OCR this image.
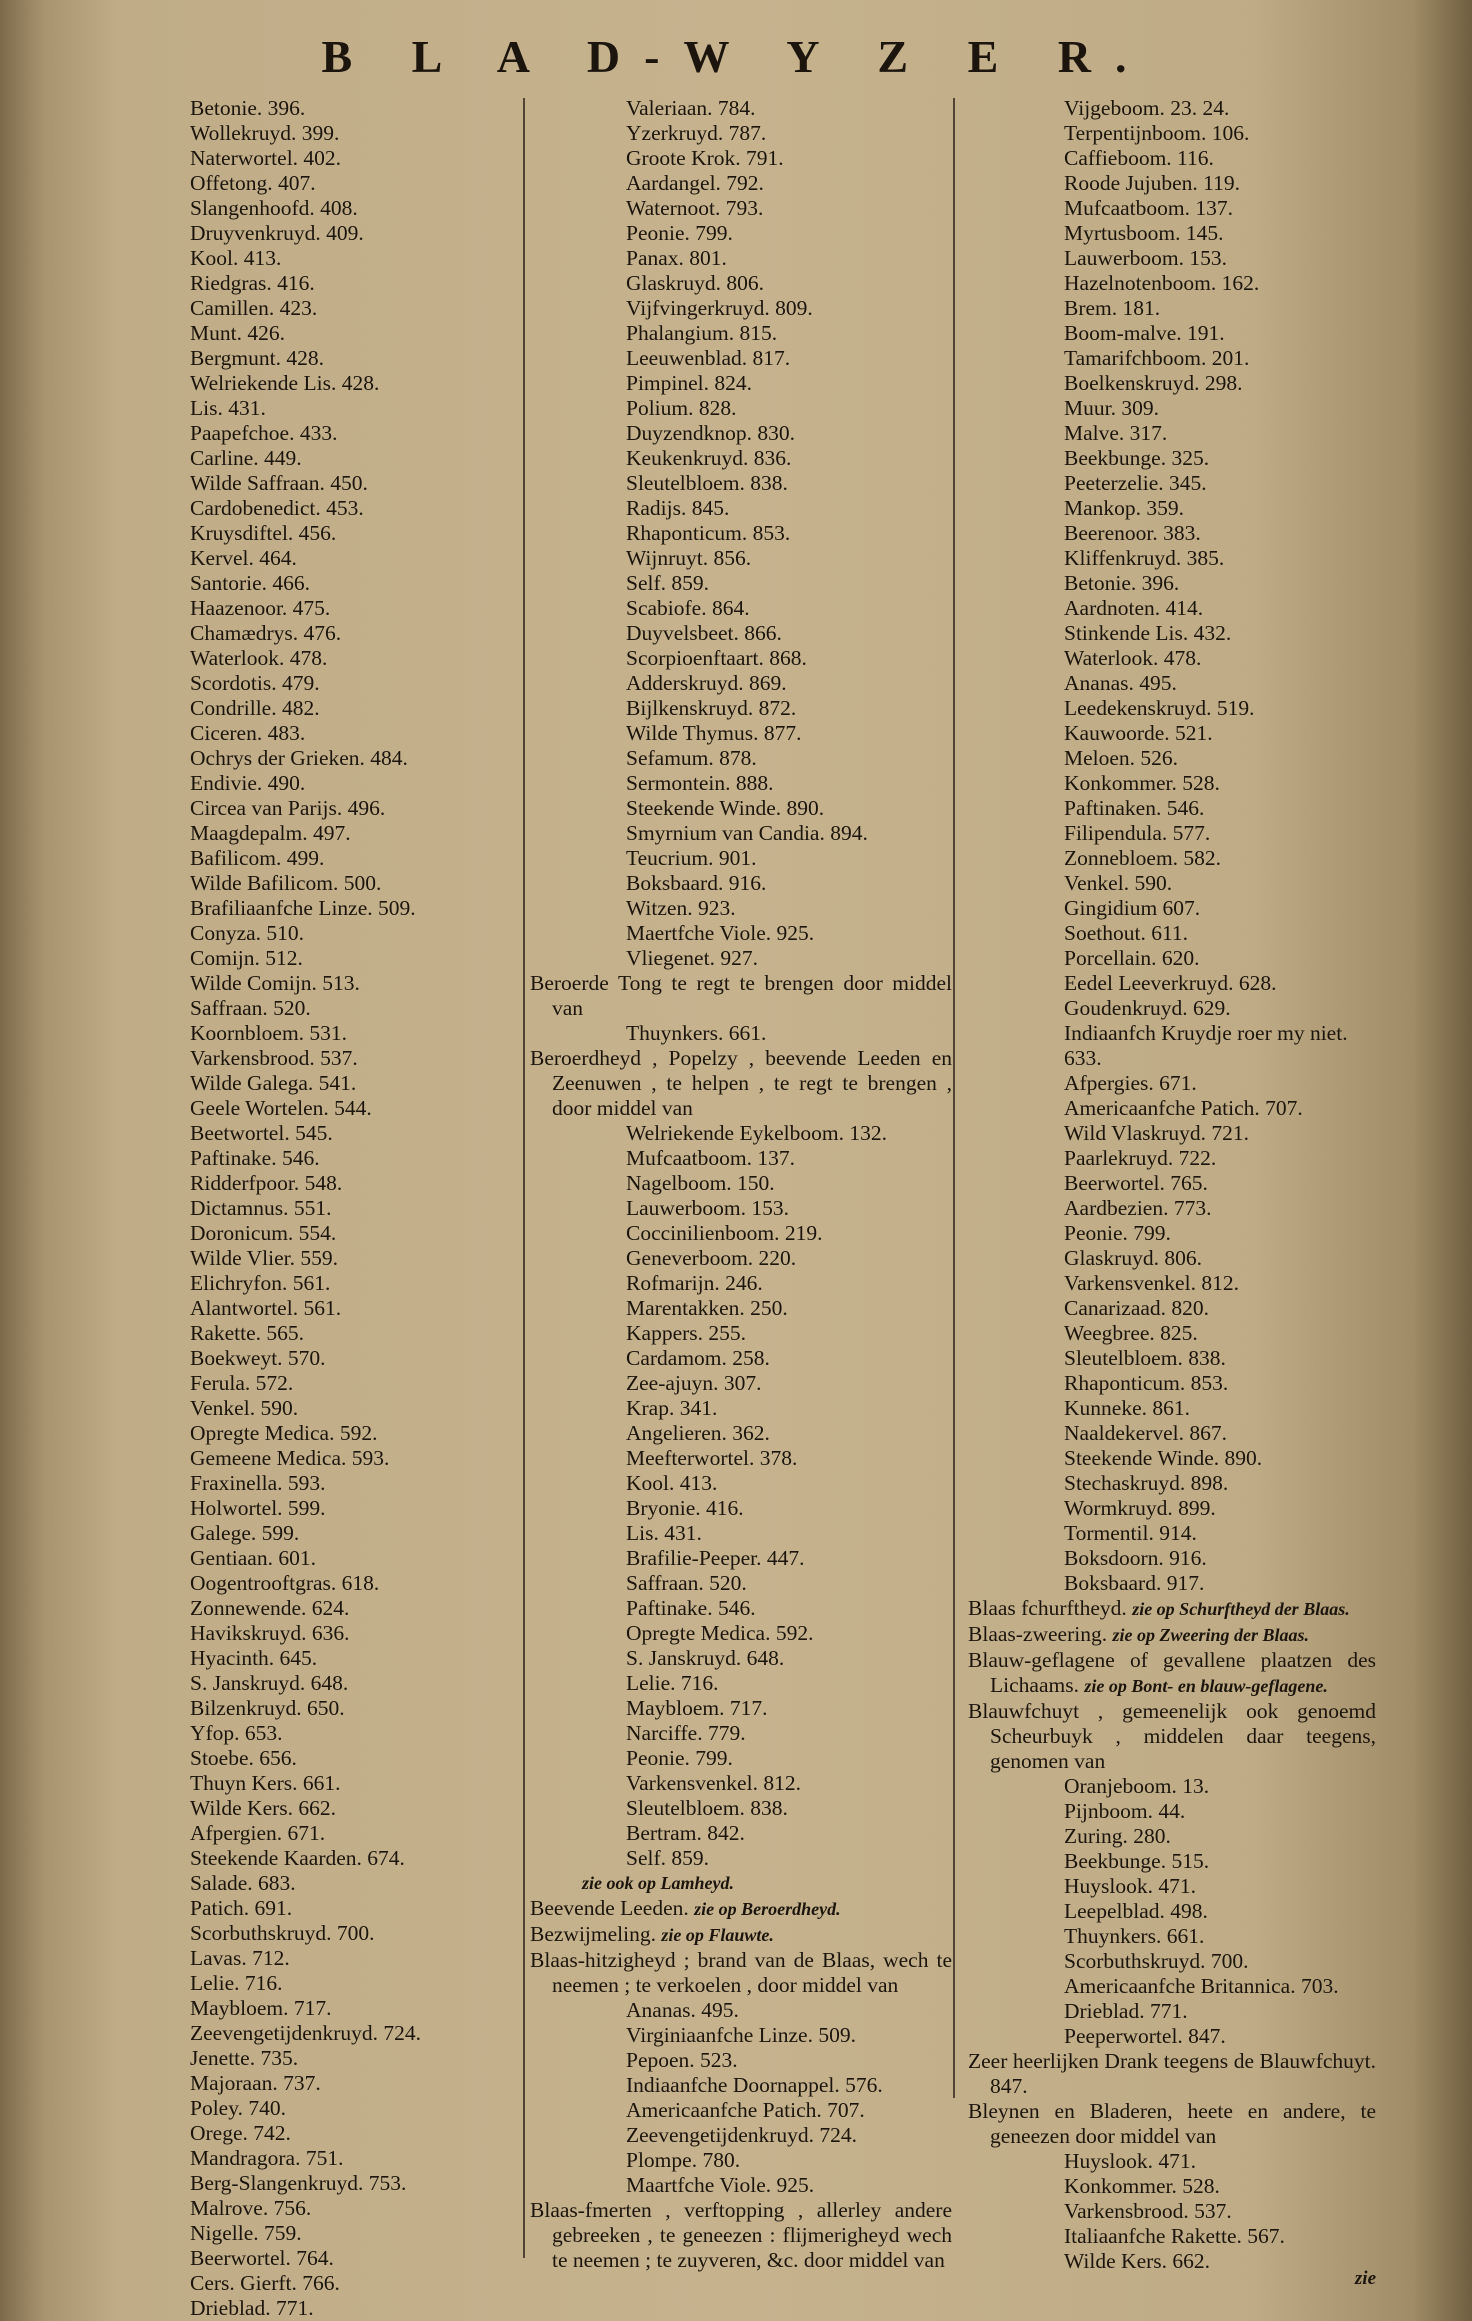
B L A D-W Y Z E R.
Betonie. 396.
Wollekruyd. 399.
Naterwortel. 402.
Offetong. 407.
Slangenhoofd. 408.
Druyvenkruyd. 409.
Kool. 413.
Riedgras. 416.
Camillen. 423.
Munt. 426.
Bergmunt. 428.
Welriekende Lis. 428.
Lis. 431.
Paapefchoe. 433.
Carline. 449.
Wilde Saffraan. 450.
Cardobenedict. 453.
Kruysdiftel. 456.
Kervel. 464.
Santorie. 466.
Haazenoor. 475.
Chamædrys. 476.
Waterlook. 478.
Scordotis. 479.
Condrille. 482.
Ciceren. 483.
Ochrys der Grieken. 484.
Endivie. 490.
Circea van Parijs. 496.
Maagdepalm. 497.
Bafilicom. 499.
Wilde Bafilicom. 500.
Brafiliaanfche Linze. 509.
Conyza. 510.
Comijn. 512.
Wilde Comijn. 513.
Saffraan. 520.
Koornbloem. 531.
Varkensbrood. 537.
Wilde Galega. 541.
Geele Wortelen. 544.
Beetwortel. 545.
Paftinake. 546.
Ridderfpoor. 548.
Dictamnus. 551.
Doronicum. 554.
Wilde Vlier. 559.
Elichryfon. 561.
Alantwortel. 561.
Rakette. 565.
Boekweyt. 570.
Ferula. 572.
Venkel. 590.
Opregte Medica. 592.
Gemeene Medica. 593.
Fraxinella. 593.
Holwortel. 599.
Galege. 599.
Gentiaan. 601.
Oogentrooftgras. 618.
Zonnewende. 624.
Havikskruyd. 636.
Hyacinth. 645.
S. Janskruyd. 648.
Bilzenkruyd. 650.
Yfop. 653.
Stoebe. 656.
Thuyn Kers. 661.
Wilde Kers. 662.
Afpergien. 671.
Steekende Kaarden. 674.
Salade. 683.
Patich. 691.
Scorbuthskruyd. 700.
Lavas. 712.
Lelie. 716.
Maybloem. 717.
Zeevengetijdenkruyd. 724.
Jenette. 735.
Majoraan. 737.
Poley. 740.
Orege. 742.
Mandragora. 751.
Berg-Slangenkruyd. 753.
Malrove. 756.
Nigelle. 759.
Beerwortel. 764.
Cers. Gierft. 766.
Drieblad. 771.
Valeriaan. 784.
Yzerkruyd. 787.
Groote Krok. 791.
Aardangel. 792.
Waternoot. 793.
Peonie. 799.
Panax. 801.
Glaskruyd. 806.
Vijfvingerkruyd. 809.
Phalangium. 815.
Leeuwenblad. 817.
Pimpinel. 824.
Polium. 828.
Duyzendknop. 830.
Keukenkruyd. 836.
Sleutelbloem. 838.
Radijs. 845.
Rhaponticum. 853.
Wijnruyt. 856.
Self. 859.
Scabiofe. 864.
Duyvelsbeet. 866.
Scorpioenftaart. 868.
Adderskruyd. 869.
Bijlkenskruyd. 872.
Wilde Thymus. 877.
Sefamum. 878.
Sermontein. 888.
Steekende Winde. 890.
Smyrnium van Candia. 894.
Teucrium. 901.
Boksbaard. 916.
Witzen. 923.
Maertfche Viole. 925.
Vliegenet. 927.
Beroerde Tong te regt te brengen door middel van
Thuynkers. 661.
Beroerdheyd , Popelzy , beevende Leeden en Zeenuwen , te helpen , te regt te brengen , door middel van
Welriekende Eykelboom. 132.
Mufcaatboom. 137.
Nagelboom. 150.
Lauwerboom. 153.
Coccinilienboom. 219.
Geneverboom. 220.
Rofmarijn. 246.
Marentakken. 250.
Kappers. 255.
Cardamom. 258.
Zee-ajuyn. 307.
Krap. 341.
Angelieren. 362.
Meefterwortel. 378.
Kool. 413.
Bryonie. 416.
Lis. 431.
Brafilie-Peeper. 447.
Saffraan. 520.
Paftinake. 546.
Opregte Medica. 592.
S. Janskruyd. 648.
Lelie. 716.
Maybloem. 717.
Narciffe. 779.
Peonie. 799.
Varkensvenkel. 812.
Sleutelbloem. 838.
Bertram. 842.
Self. 859.
zie ook op Lamheyd.
Beevende Leeden. zie op Beroerdheyd.
Bezwijmeling. zie op Flauwte.
Blaas-hitzigheyd ; brand van de Blaas, wech te neemen ; te verkoelen , door middel van
Ananas. 495.
Virginiaanfche Linze. 509.
Pepoen. 523.
Indiaanfche Doornappel. 576.
Americaanfche Patich. 707.
Zeevengetijdenkruyd. 724.
Plompe. 780.
Maartfche Viole. 925.
Blaas-fmerten , verftopping , allerley andere gebreeken , te geneezen : flijmerigheyd wech te neemen ; te zuyveren, &c. door middel van
Vijgeboom. 23. 24.
Terpentijnboom. 106.
Caffieboom. 116.
Roode Jujuben. 119.
Mufcaatboom. 137.
Myrtusboom. 145.
Lauwerboom. 153.
Hazelnotenboom. 162.
Brem. 181.
Boom-malve. 191.
Tamarifchboom. 201.
Boelkenskruyd. 298.
Muur. 309.
Malve. 317.
Beekbunge. 325.
Peeterzelie. 345.
Mankop. 359.
Beerenoor. 383.
Kliffenkruyd. 385.
Betonie. 396.
Aardnoten. 414.
Stinkende Lis. 432.
Waterlook. 478.
Ananas. 495.
Leedekenskruyd. 519.
Kauwoorde. 521.
Meloen. 526.
Konkommer. 528.
Paftinaken. 546.
Filipendula. 577.
Zonnebloem. 582.
Venkel. 590.
Gingidium 607.
Soethout. 611.
Porcellain. 620.
Eedel Leeverkruyd. 628.
Goudenkruyd. 629.
Indiaanfch Kruydje roer my niet.
633.
Afpergies. 671.
Americaanfche Patich. 707.
Wild Vlaskruyd. 721.
Paarlekruyd. 722.
Beerwortel. 765.
Aardbezien. 773.
Peonie. 799.
Glaskruyd. 806.
Varkensvenkel. 812.
Canarizaad. 820.
Weegbree. 825.
Sleutelbloem. 838.
Rhaponticum. 853.
Kunneke. 861.
Naaldekervel. 867.
Steekende Winde. 890.
Stechaskruyd. 898.
Wormkruyd. 899.
Tormentil. 914.
Boksdoorn. 916.
Boksbaard. 917.
Blaas fchurftheyd. zie op Schurftheyd der Blaas.
Blaas-zweering. zie op Zweering der Blaas.
Blauw-geflagene of gevallene plaatzen des Lichaams. zie op Bont- en blauw-geflagene.
Blauwfchuyt , gemeenelijk ook genoemd Scheurbuyk , middelen daar teegens, genomen van
Oranjeboom. 13.
Pijnboom. 44.
Zuring. 280.
Beekbunge. 515.
Huyslook. 471.
Leepelblad. 498.
Thuynkers. 661.
Scorbuthskruyd. 700.
Americaanfche Britannica. 703.
Drieblad. 771.
Peeperwortel. 847.
Zeer heerlijken Drank teegens de Blauwfchuyt. 847.
Bleynen en Bladeren, heete en andere, te geneezen door middel van
Huyslook. 471.
Konkommer. 528.
Varkensbrood. 537.
Italiaanfche Rakette. 567.
Wilde Kers. 662.
zie
